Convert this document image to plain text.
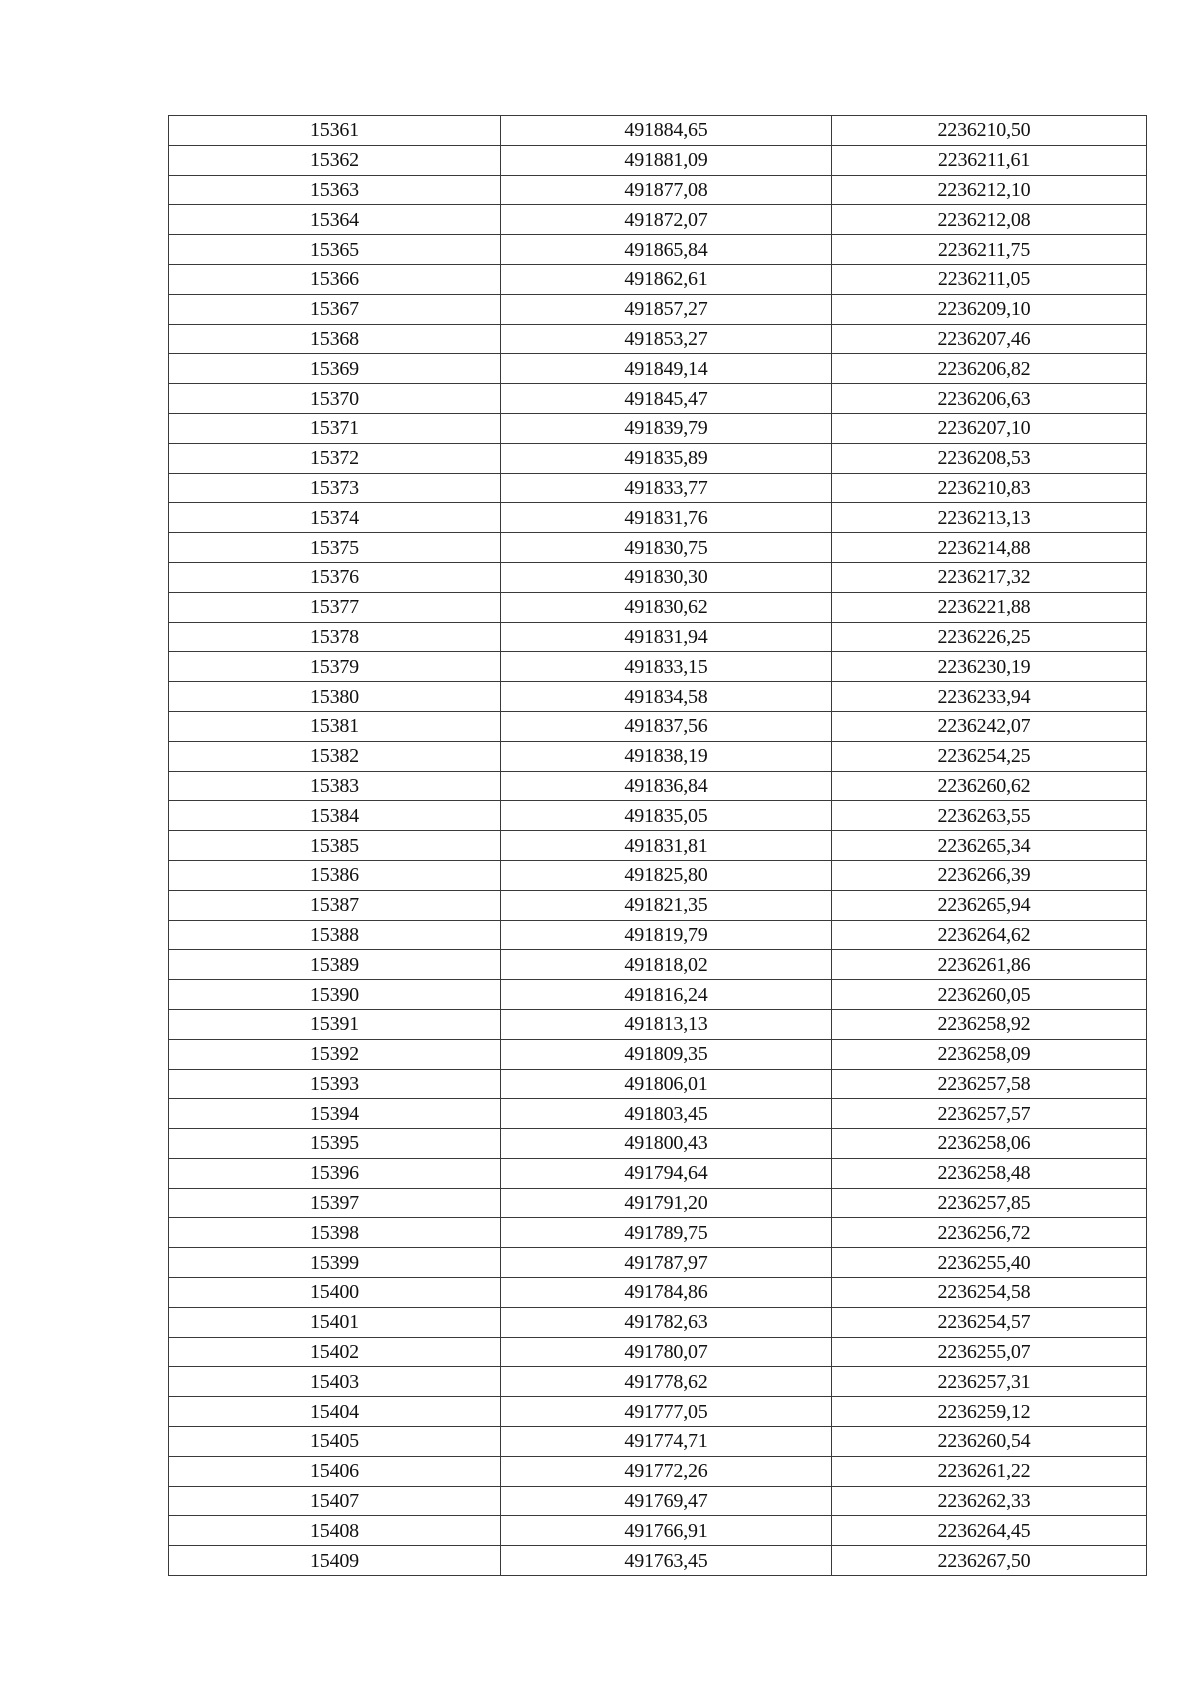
15361	491884,65	2236210,50
15362	491881,09	2236211,61
15363	491877,08	2236212,10
15364	491872,07	2236212,08
15365	491865,84	2236211,75
15366	491862,61	2236211,05
15367	491857,27	2236209,10
15368	491853,27	2236207,46
15369	491849,14	2236206,82
15370	491845,47	2236206,63
15371	491839,79	2236207,10
15372	491835,89	2236208,53
15373	491833,77	2236210,83
15374	491831,76	2236213,13
15375	491830,75	2236214,88
15376	491830,30	2236217,32
15377	491830,62	2236221,88
15378	491831,94	2236226,25
15379	491833,15	2236230,19
15380	491834,58	2236233,94
15381	491837,56	2236242,07
15382	491838,19	2236254,25
15383	491836,84	2236260,62
15384	491835,05	2236263,55
15385	491831,81	2236265,34
15386	491825,80	2236266,39
15387	491821,35	2236265,94
15388	491819,79	2236264,62
15389	491818,02	2236261,86
15390	491816,24	2236260,05
15391	491813,13	2236258,92
15392	491809,35	2236258,09
15393	491806,01	2236257,58
15394	491803,45	2236257,57
15395	491800,43	2236258,06
15396	491794,64	2236258,48
15397	491791,20	2236257,85
15398	491789,75	2236256,72
15399	491787,97	2236255,40
15400	491784,86	2236254,58
15401	491782,63	2236254,57
15402	491780,07	2236255,07
15403	491778,62	2236257,31
15404	491777,05	2236259,12
15405	491774,71	2236260,54
15406	491772,26	2236261,22
15407	491769,47	2236262,33
15408	491766,91	2236264,45
15409	491763,45	2236267,50
